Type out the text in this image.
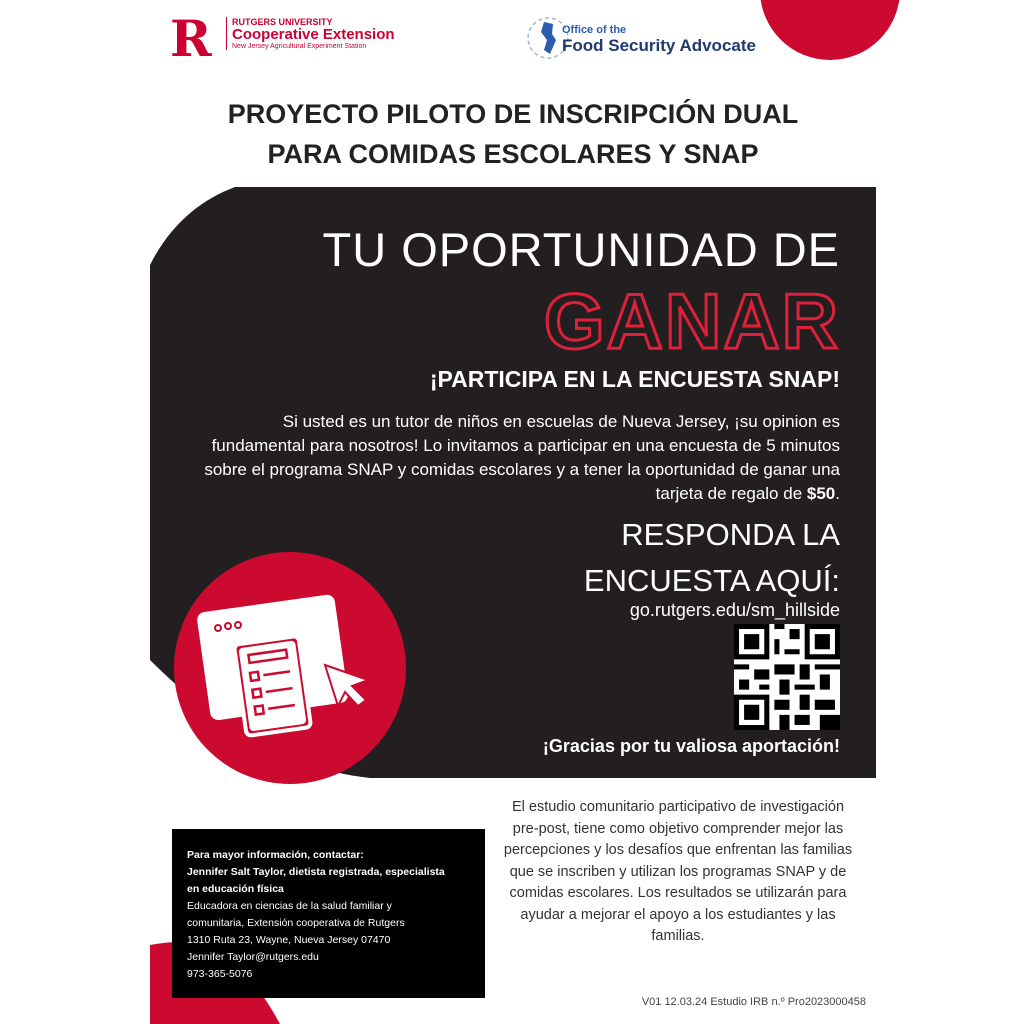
R	RUTGERS UNIVERSITY
Cooperative Extension
New Jersey Agricultural Experiment Station
Office of the
Food Security Advocate
PROYECTO PILOTO DE INSCRIPCIÓN DUAL
PARA COMIDAS ESCOLARES Y SNAP
TU OPORTUNIDAD DE
GANAR
¡PARTICIPA EN LA ENCUESTA SNAP!
Si usted es un tutor de niños en escuelas de Nueva Jersey, ¡su opinion es fundamental para nosotros! Lo invitamos a participar en una encuesta de 5 minutos sobre el programa SNAP y comidas escolares y a tener la oportunidad de ganar una tarjeta de regalo de $50.
RESPONDA LA
ENCUESTA AQUÍ:
go.rutgers.edu/sm_hillside
¡Gracias por tu valiosa aportación!
Para mayor información, contactar:
Jennifer Salt Taylor, dietista registrada, especialista
en educación física
Educadora en ciencias de la salud familiar y
comunitaria, Extensión cooperativa de Rutgers
1310 Ruta 23, Wayne, Nueva Jersey 07470
Jennifer Taylor@rutgers.edu
973-365-5076
El estudio comunitario participativo de investigación pre-post, tiene como objetivo comprender mejor las percepciones y los desafíos que enfrentan las familias que se inscriben y utilizan los programas SNAP y de comidas escolares. Los resultados se utilizarán para ayudar a mejorar el apoyo a los estudiantes y las familias.
V01 12.03.24 Estudio IRB n.º Pro2023000458
